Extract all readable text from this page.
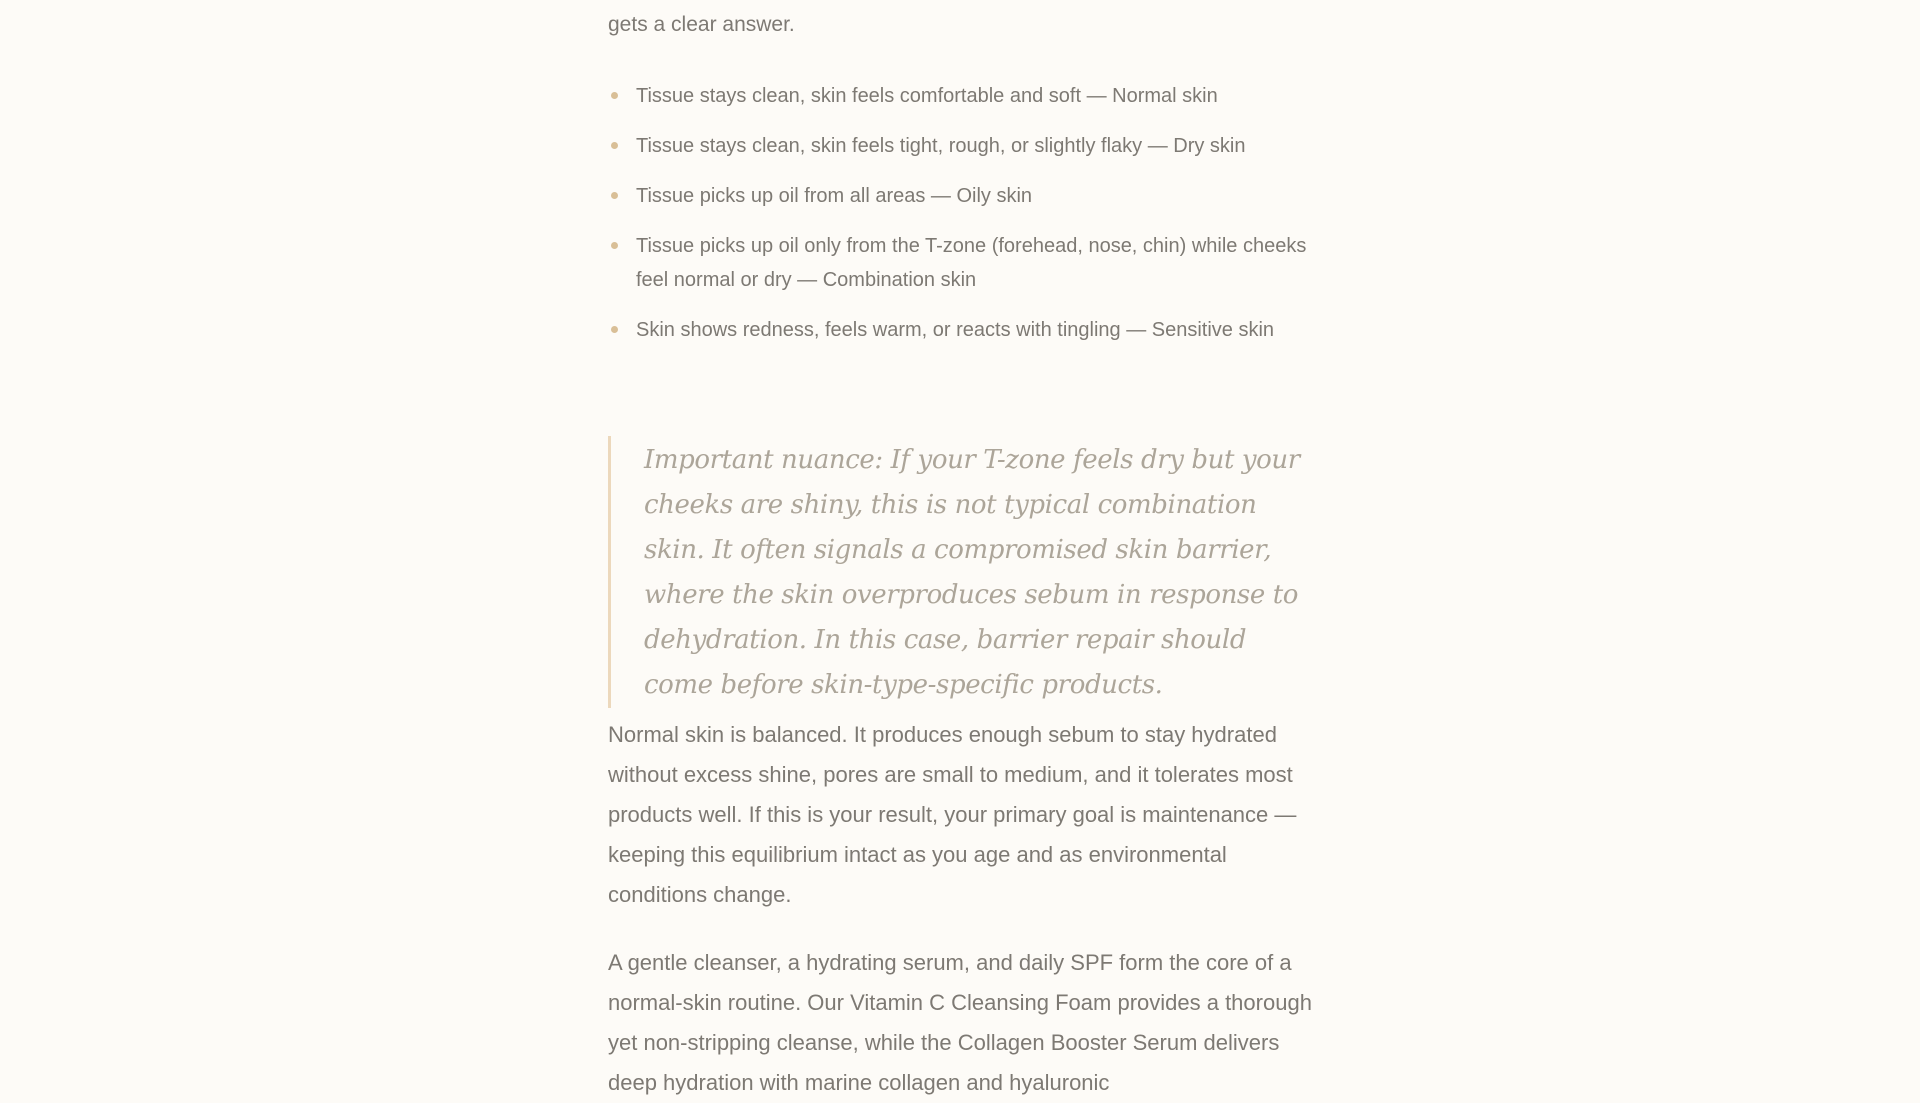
gets a clear answer.

Tissue stays clean, skin feels comfortable and soft — Normal skin
Tissue stays clean, skin feels tight, rough, or slightly flaky — Dry skin
Tissue picks up oil from all areas — Oily skin
Tissue picks up oil only from the T-zone (forehead, nose, chin) while cheeks feel normal or dry — Combination skin
Skin shows redness, feels warm, or reacts with tingling — Sensitive skin

Important nuance: If your T-zone feels dry but your cheeks are shiny, this is not typical combination skin. It often signals a compromised skin barrier, where the skin overproduces sebum in response to dehydration. In this case, barrier repair should come before skin-type-specific products.

Normal skin is balanced. It produces enough sebum to stay hydrated without excess shine, pores are small to medium, and it tolerates most products well. If this is your result, your primary goal is maintenance — keeping this equilibrium intact as you age and as environmental conditions change.

A gentle cleanser, a hydrating serum, and daily SPF form the core of a normal-skin routine. Our Vitamin C Cleansing Foam provides a thorough yet non-stripping cleanse, while the Collagen Booster Serum delivers deep hydration with marine collagen and hyaluronic
